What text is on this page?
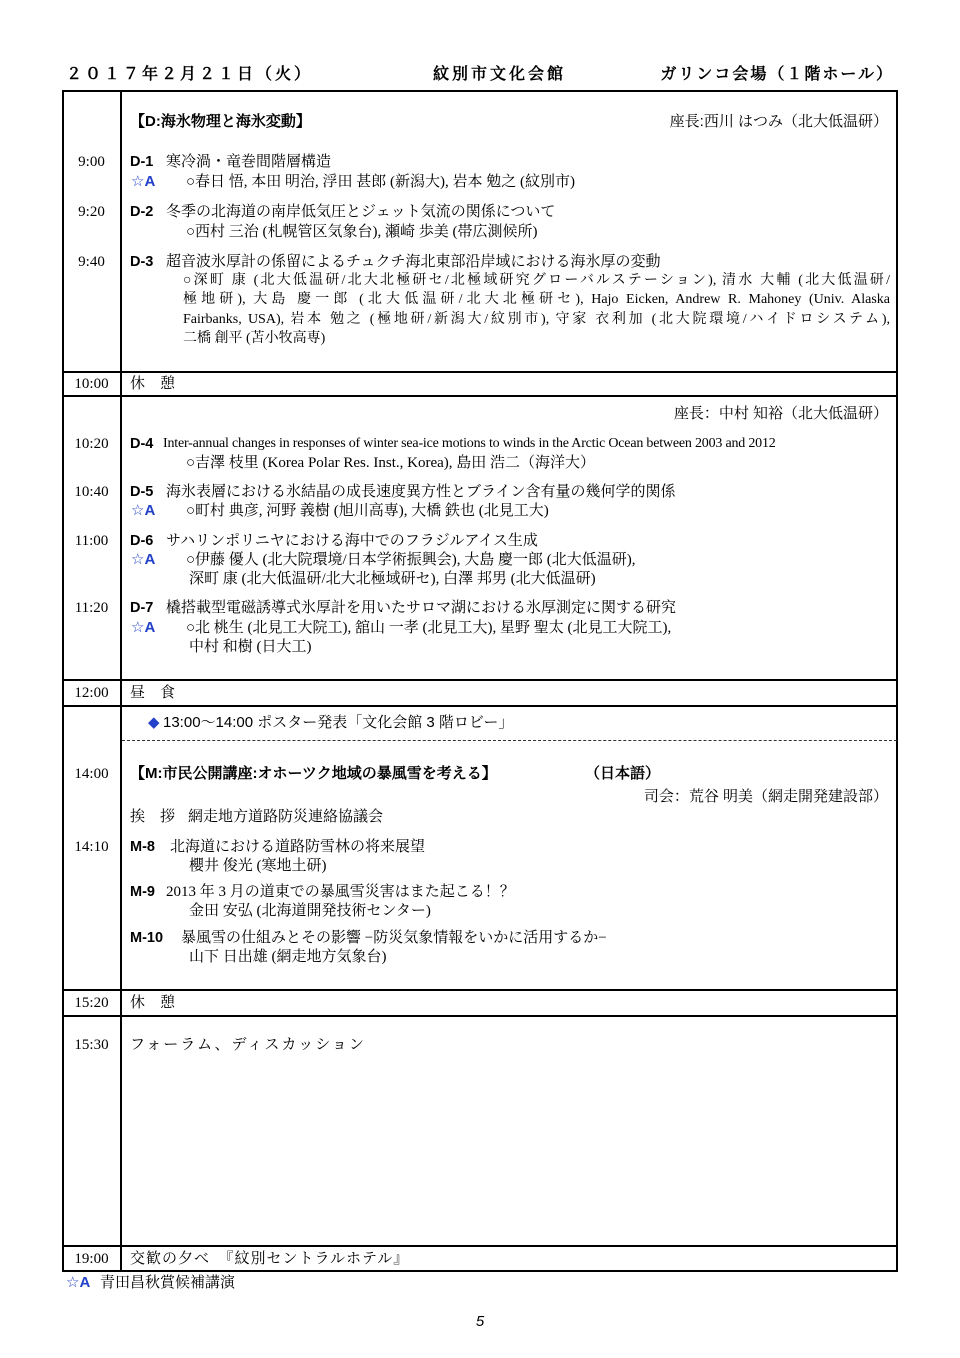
２０１７年２月２１日（火）	紋別市文化会館	ガリンコ会場（１階ホール）
【D:海氷物理と海氷変動】	座長:西川 はつみ（北大低温研）
9:00	D-1 寒冷渦・竜巻間階層構造
☆A ○春日 悟, 本田 明治, 浮田 甚郎 (新潟大), 岩本 勉之 (紋別市)
9:20	D-2 冬季の北海道の南岸低気圧とジェット気流の関係について
○西村 三治 (札幌管区気象台), 瀬崎 歩美 (帯広測候所)
9:40	D-3 超音波氷厚計の係留によるチュクチ海北東部沿岸域における海氷厚の変動
○深町 康 (北大低温研/北大北極研セ/北極域研究グローバルステーション), 清水 大輔 (北大低温研/
極地研), 大島 慶一郎 (北大低温研/北大北極研セ), Hajo Eicken, Andrew R. Mahoney (Univ. Alaska
Fairbanks, USA), 岩本 勉之 (極地研/新潟大/紋別市), 守家 衣利加 (北大院環境/ハイドロシステム),
二橋 創平 (苫小牧高専)
10:00	休　憩
座長：中村 知裕（北大低温研）
10:20	D-4 Inter-annual changes in responses of winter sea-ice motions to winds in the Arctic Ocean between 2003 and 2012
○吉澤 枝里 (Korea Polar Res. Inst., Korea), 島田 浩二（海洋大）
10:40	D-5 海氷表層における氷結晶の成長速度異方性とブライン含有量の幾何学的関係
☆A ○町村 典彦, 河野 義樹 (旭川高専), 大橋 鉄也 (北見工大)
11:00	D-6 サハリンポリニヤにおける海中でのフラジルアイス生成
☆A ○伊藤 優人 (北大院環境/日本学術振興会), 大島 慶一郎 (北大低温研),
深町 康 (北大低温研/北大北極域研セ), 白澤 邦男 (北大低温研)
11:20	D-7 橇搭載型電磁誘導式氷厚計を用いたサロマ湖における氷厚測定に関する研究
☆A ○北 桃生 (北見工大院工), 舘山 一孝 (北見工大), 星野 聖太 (北見工大院工),
中村 和樹 (日大工)
12:00	昼　食
◆ 13:00～14:00 ポスター発表「文化会館 3 階ロビー」
14:00	【M:市民公開講座:オホーツク地域の暴風雪を考える】	（日本語）
司会：荒谷 明美（網走開発建設部）
挨　拶 網走地方道路防災連絡協議会
14:10	M-8 北海道における道路防雪林の将来展望
櫻井 俊光 (寒地土研)
M-9 2013 年 3 月の道東での暴風雪災害はまた起こる！？
金田 安弘 (北海道開発技術センター)
M-10 暴風雪の仕組みとその影響 −防災気象情報をいかに活用するか−
山下 日出雄 (網走地方気象台)
15:20	休　憩
15:30	フォーラム、ディスカッション
19:00	交歓の夕べ　『紋別セントラルホテル』
☆A 青田昌秋賞候補講演
5
